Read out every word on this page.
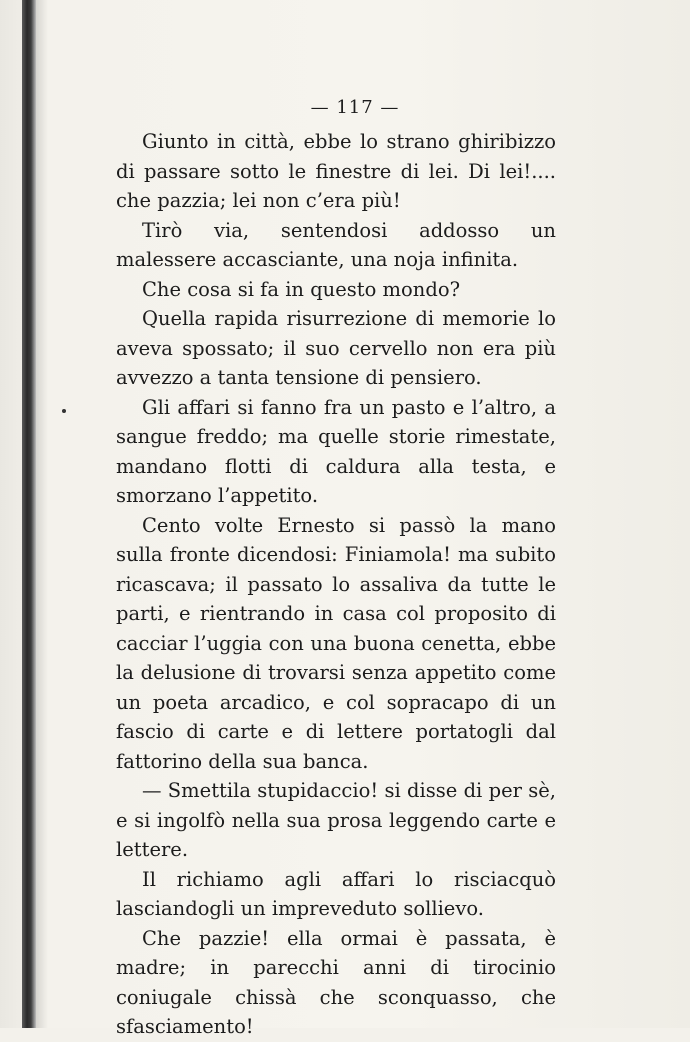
— 117 —

Giunto in città, ebbe lo strano ghiribizzo di passare sotto le finestre di lei. Di lei!.... che pazzia; lei non c’era più!

Tirò via, sentendosi addosso un malessere accasciante, una noja infinita.

Che cosa si fa in questo mondo?

Quella rapida risurrezione di memorie lo aveva spossato; il suo cervello non era più avvezzo a tanta tensione di pensiero.

Gli affari si fanno fra un pasto e l’altro, a sangue freddo; ma quelle storie rimestate, mandano flotti di caldura alla testa, e smorzano l’appetito.

Cento volte Ernesto si passò la mano sulla fronte dicendosi: Finiamola! ma subito ricascava; il passato lo assaliva da tutte le parti, e rientrando in casa col proposito di cacciar l’uggia con una buona cenetta, ebbe la delusione di trovarsi senza appetito come un poeta arcadico, e col sopracapo di un fascio di carte e di lettere portatogli dal fattorino della sua banca.

— Smettila stupidaccio! si disse di per sè, e si ingolfò nella sua prosa leggendo carte e lettere.

Il richiamo agli affari lo risciacquò lasciandogli un impreveduto sollievo.

Che pazzie! ella ormai è passata, è madre; in parecchi anni di tirocinio coniugale chissà che sconquasso, che sfasciamento!
